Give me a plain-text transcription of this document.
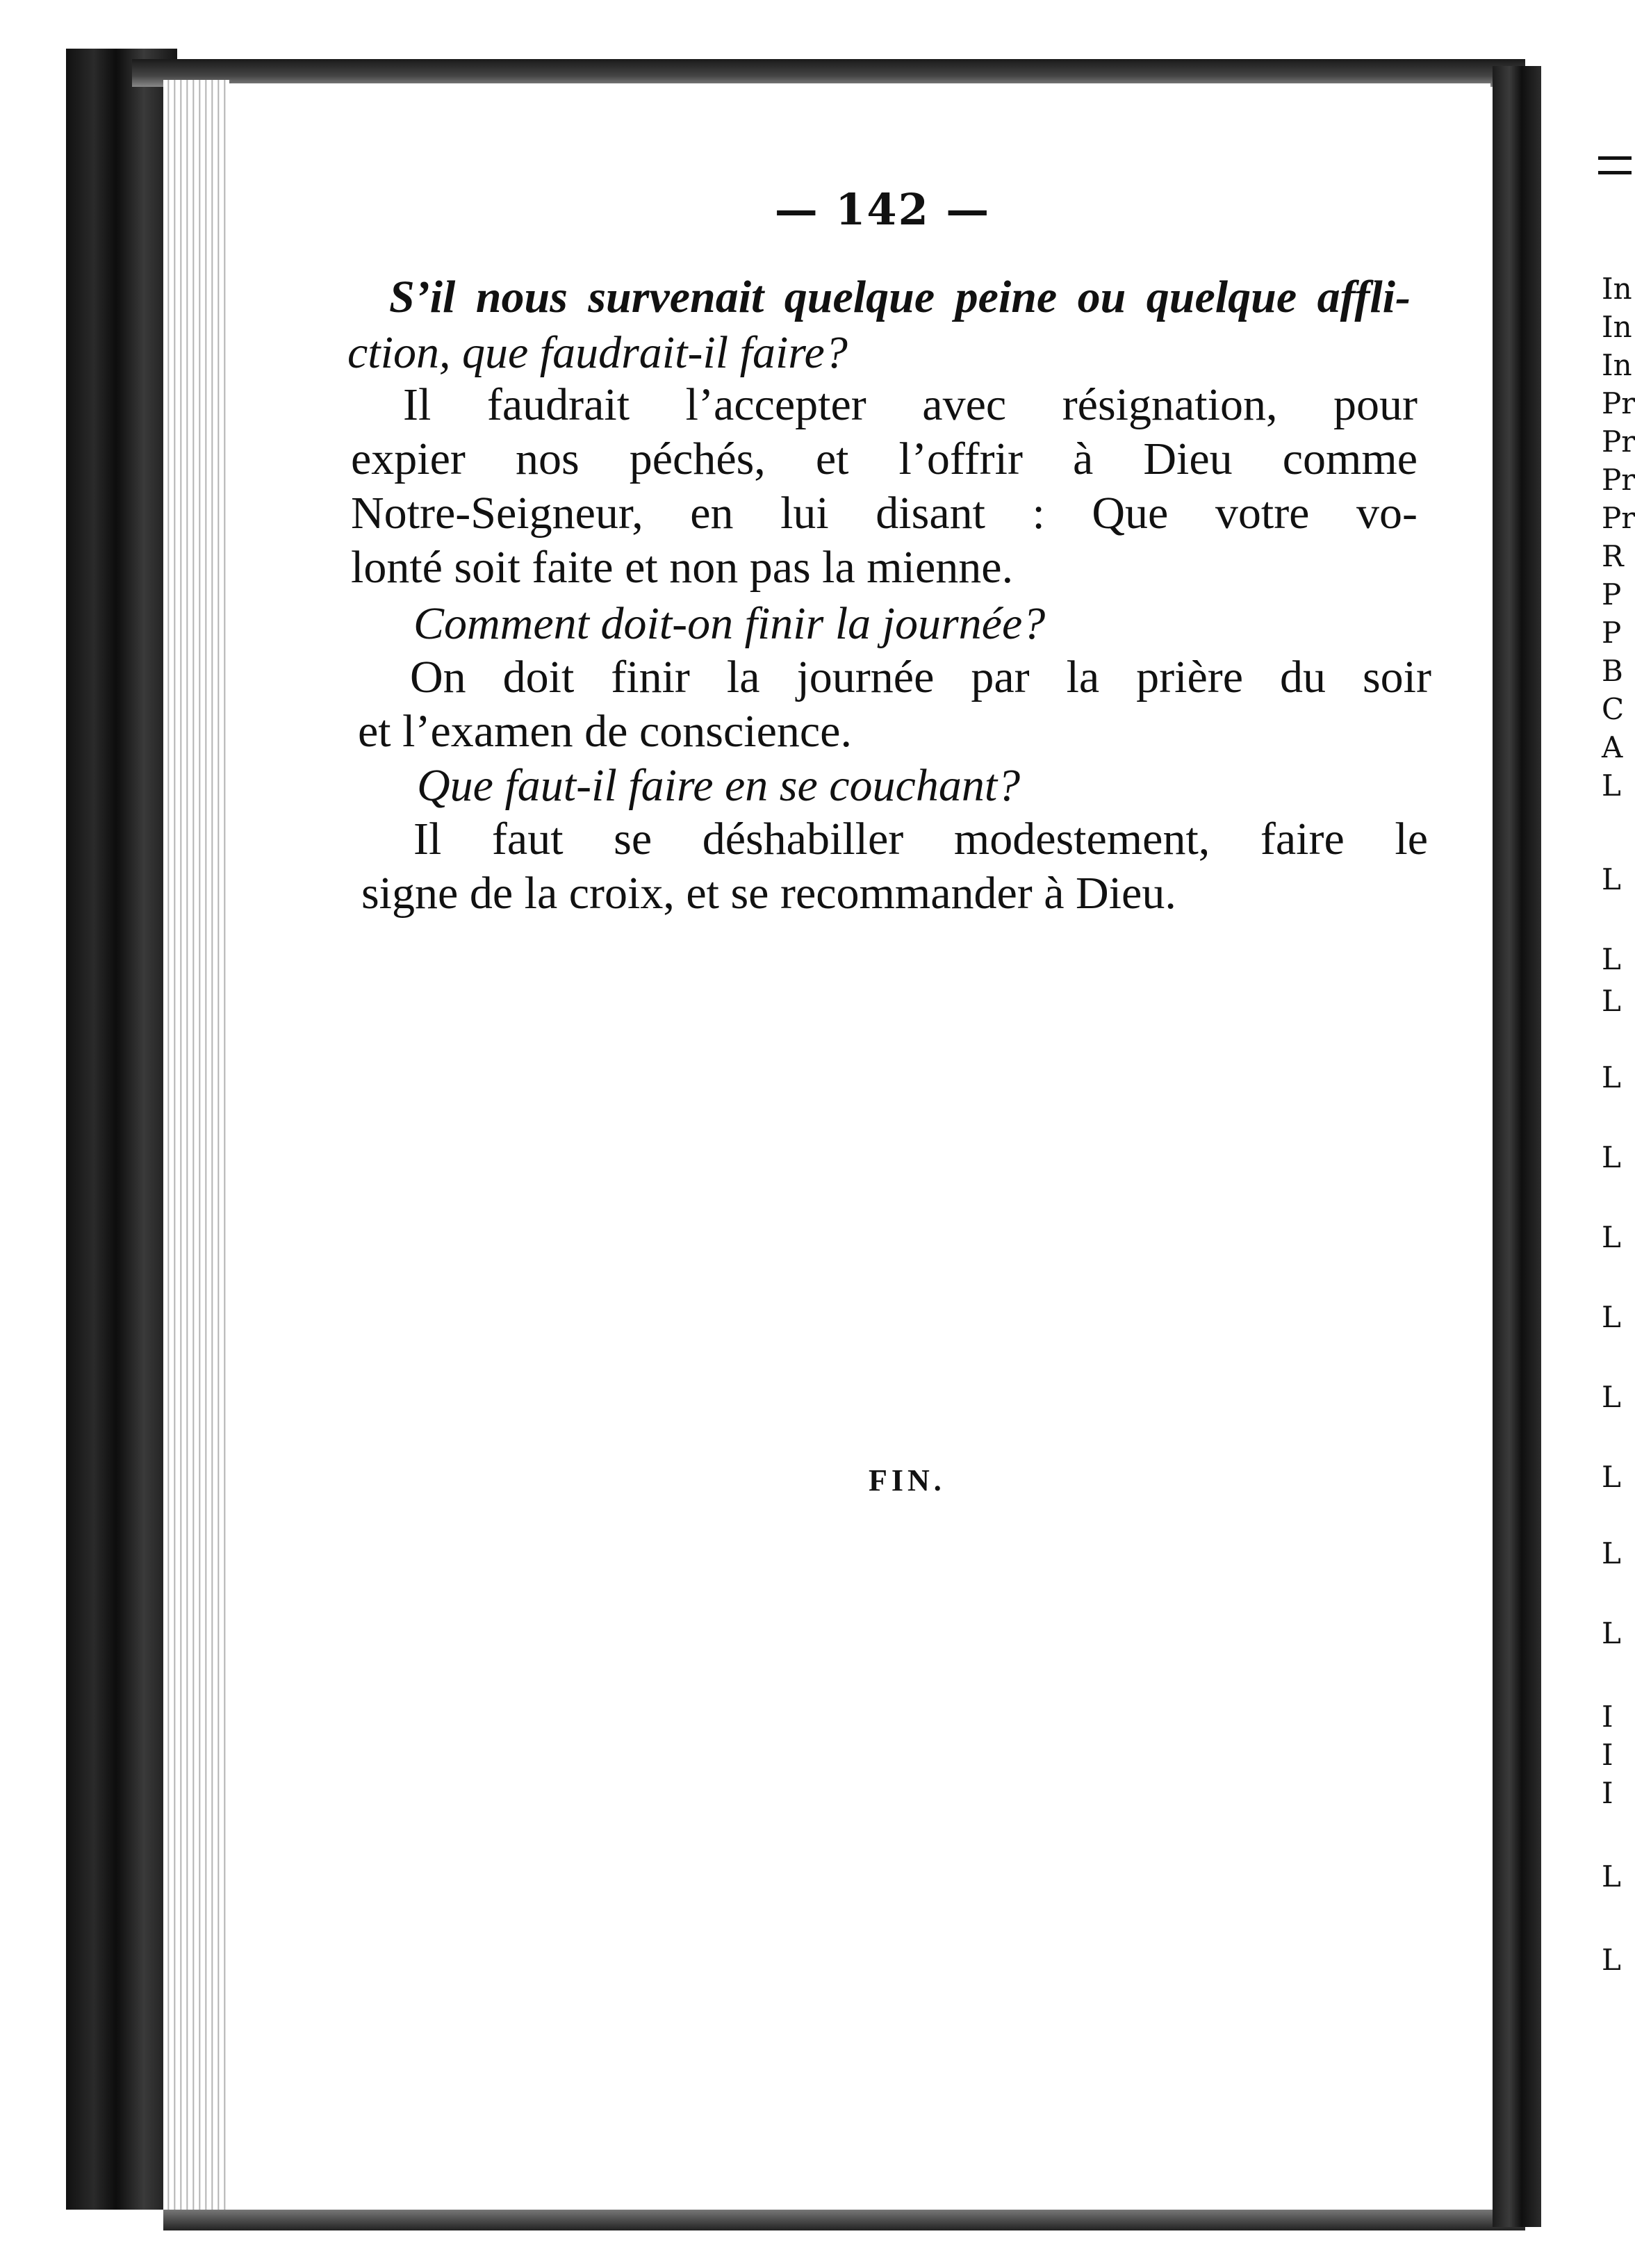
— 142 —
S’il nous survenait quelque peine ou quelque affli-
ction, que faudrait-il faire?
Il faudrait l’accepter avec résignation, pour
expier nos péchés, et l’offrir à Dieu comme
Notre-Seigneur, en lui disant : Que votre vo-
lonté soit faite et non pas la mienne.
Comment doit-on finir la journée?
On doit finir la journée par la prière du soir
et l’examen de conscience.
Que faut-il faire en se couchant?
Il faut se déshabiller modestement, faire le
signe de la croix, et se recommander à Dieu.
FIN.
In
In
In
Pr
Pr
Pr
Pr
R
P
P
B
C
A
L
L
L
L
L
L
L
L
L
L
L
L
I
I
I
L
L
